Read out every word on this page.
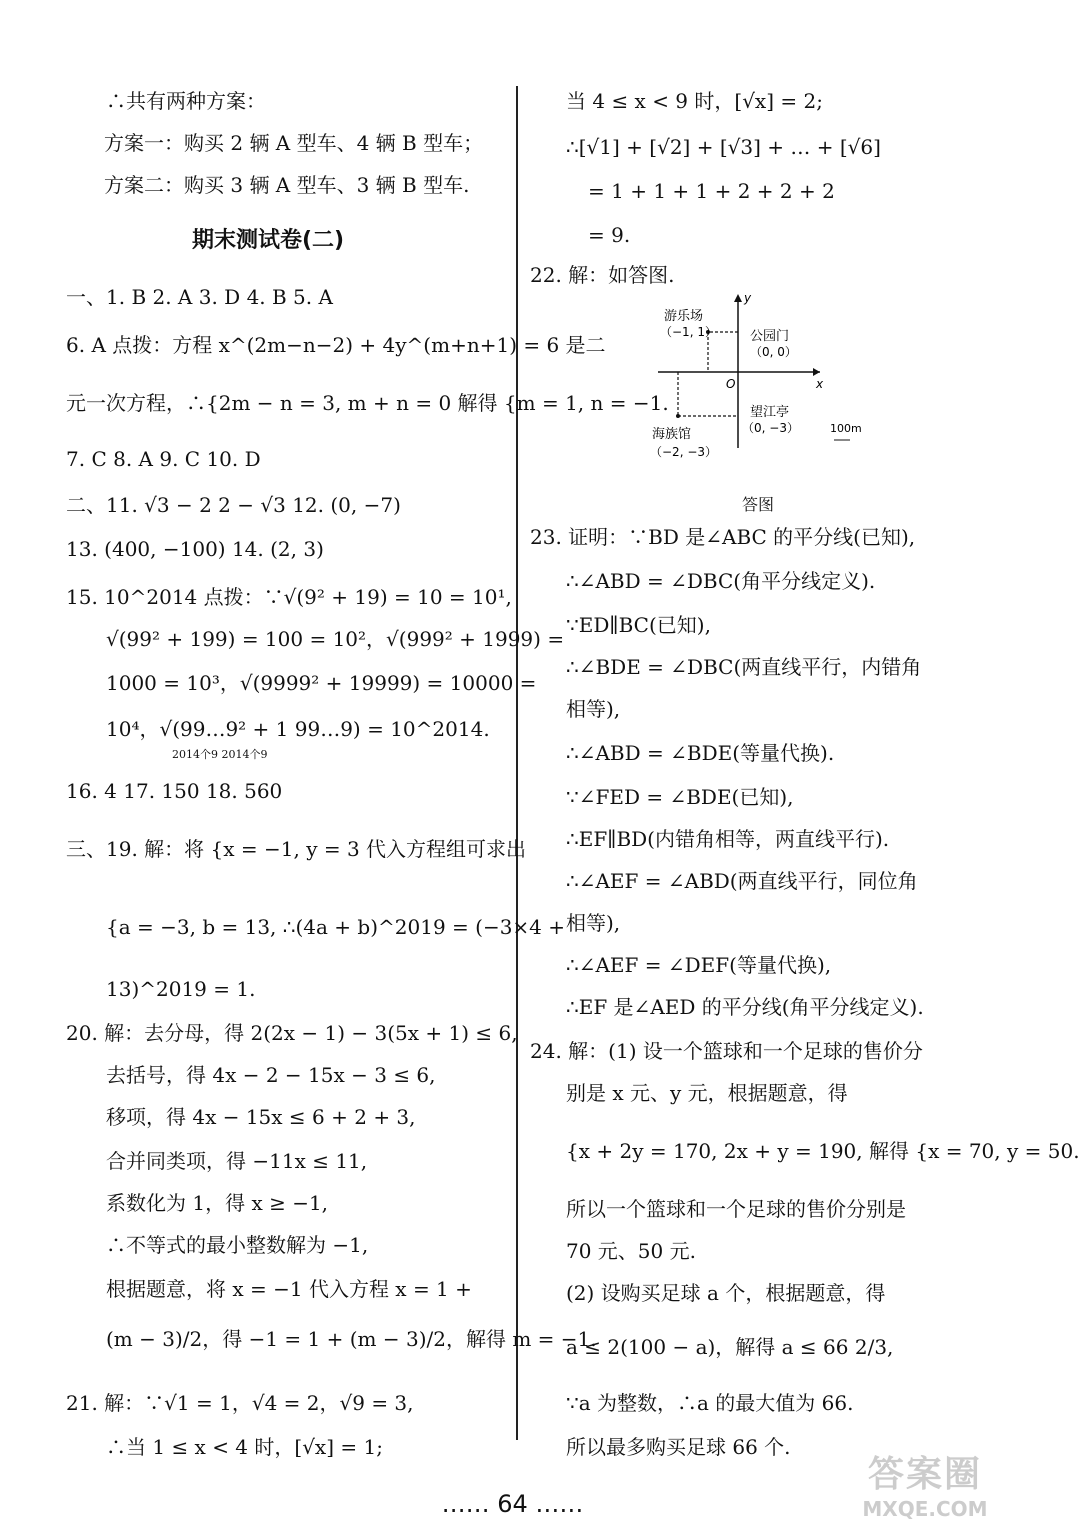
∴共有两种方案：
方案一：购买 2 辆 A 型车、4 辆 B 型车；
方案二：购买 3 辆 A 型车、3 辆 B 型车.
期末测试卷(二)
一、1. B 2. A 3. D 4. B 5. A
6. A 点拨：方程 x^(2m−n−2) + 4y^(m+n+1) = 6 是二
元一次方程，∴{2m − n = 3, m + n = 0 解得 {m = 1, n = −1.
7. C 8. A 9. C 10. D
二、11. √3 − 2 2 − √3 12. (0, −7)
13. (400, −100) 14. (2, 3)
15. 10^2014 点拨：∵√(9² + 19) = 10 = 10¹,
√(99² + 199) = 100 = 10²，√(999² + 1999) =
1000 = 10³，√(9999² + 19999) = 10000 =
10⁴，√(99…9² + 1 99…9) = 10^2014.
2014个9 2014个9
16. 4 17. 150 18. 560
三、19. 解：将 {x = −1, y = 3 代入方程组可求出
{a = −3, b = 13, ∴(4a + b)^2019 = (−3×4 +
13)^2019 = 1.
20. 解：去分母，得 2(2x − 1) − 3(5x + 1) ≤ 6,
去括号，得 4x − 2 − 15x − 3 ≤ 6,
移项，得 4x − 15x ≤ 6 + 2 + 3,
合并同类项，得 −11x ≤ 11,
系数化为 1，得 x ≥ −1,
∴不等式的最小整数解为 −1,
根据题意，将 x = −1 代入方程 x = 1 +
(m − 3)/2，得 −1 = 1 + (m − 3)/2，解得 m = −1.
21. 解：∵√1 = 1，√4 = 2，√9 = 3,
∴当 1 ≤ x < 4 时，[√x] = 1;
当 4 ≤ x < 9 时，[√x] = 2;
∴[√1] + [√2] + [√3] + … + [√6]
= 1 + 1 + 1 + 2 + 2 + 2
= 9.
22. 解：如答图.
游乐场
（−1, 1）	公园门
（0, 0）
望江亭
（0, −3）
海族馆
（−2, −3）
y
x
O
100m
答图
23. 证明：∵BD 是∠ABC 的平分线(已知),
∴∠ABD = ∠DBC(角平分线定义).
∵ED∥BC(已知),
∴∠BDE = ∠DBC(两直线平行，内错角
相等),
∴∠ABD = ∠BDE(等量代换).
∵∠FED = ∠BDE(已知),
∴EF∥BD(内错角相等，两直线平行).
∴∠AEF = ∠ABD(两直线平行，同位角
相等),
∴∠AEF = ∠DEF(等量代换),
∴EF 是∠AED 的平分线(角平分线定义).
24. 解：(1) 设一个篮球和一个足球的售价分
别是 x 元、y 元，根据题意，得
{x + 2y = 170, 2x + y = 190, 解得 {x = 70, y = 50.
所以一个篮球和一个足球的售价分别是
70 元、50 元.
(2) 设购买足球 a 个，根据题意，得
a ≤ 2(100 − a)，解得 a ≤ 66 2/3,
∵a 为整数，∴a 的最大值为 66.
所以最多购买足球 66 个.
…… 64 ……
答案圈
MXQE.COM
